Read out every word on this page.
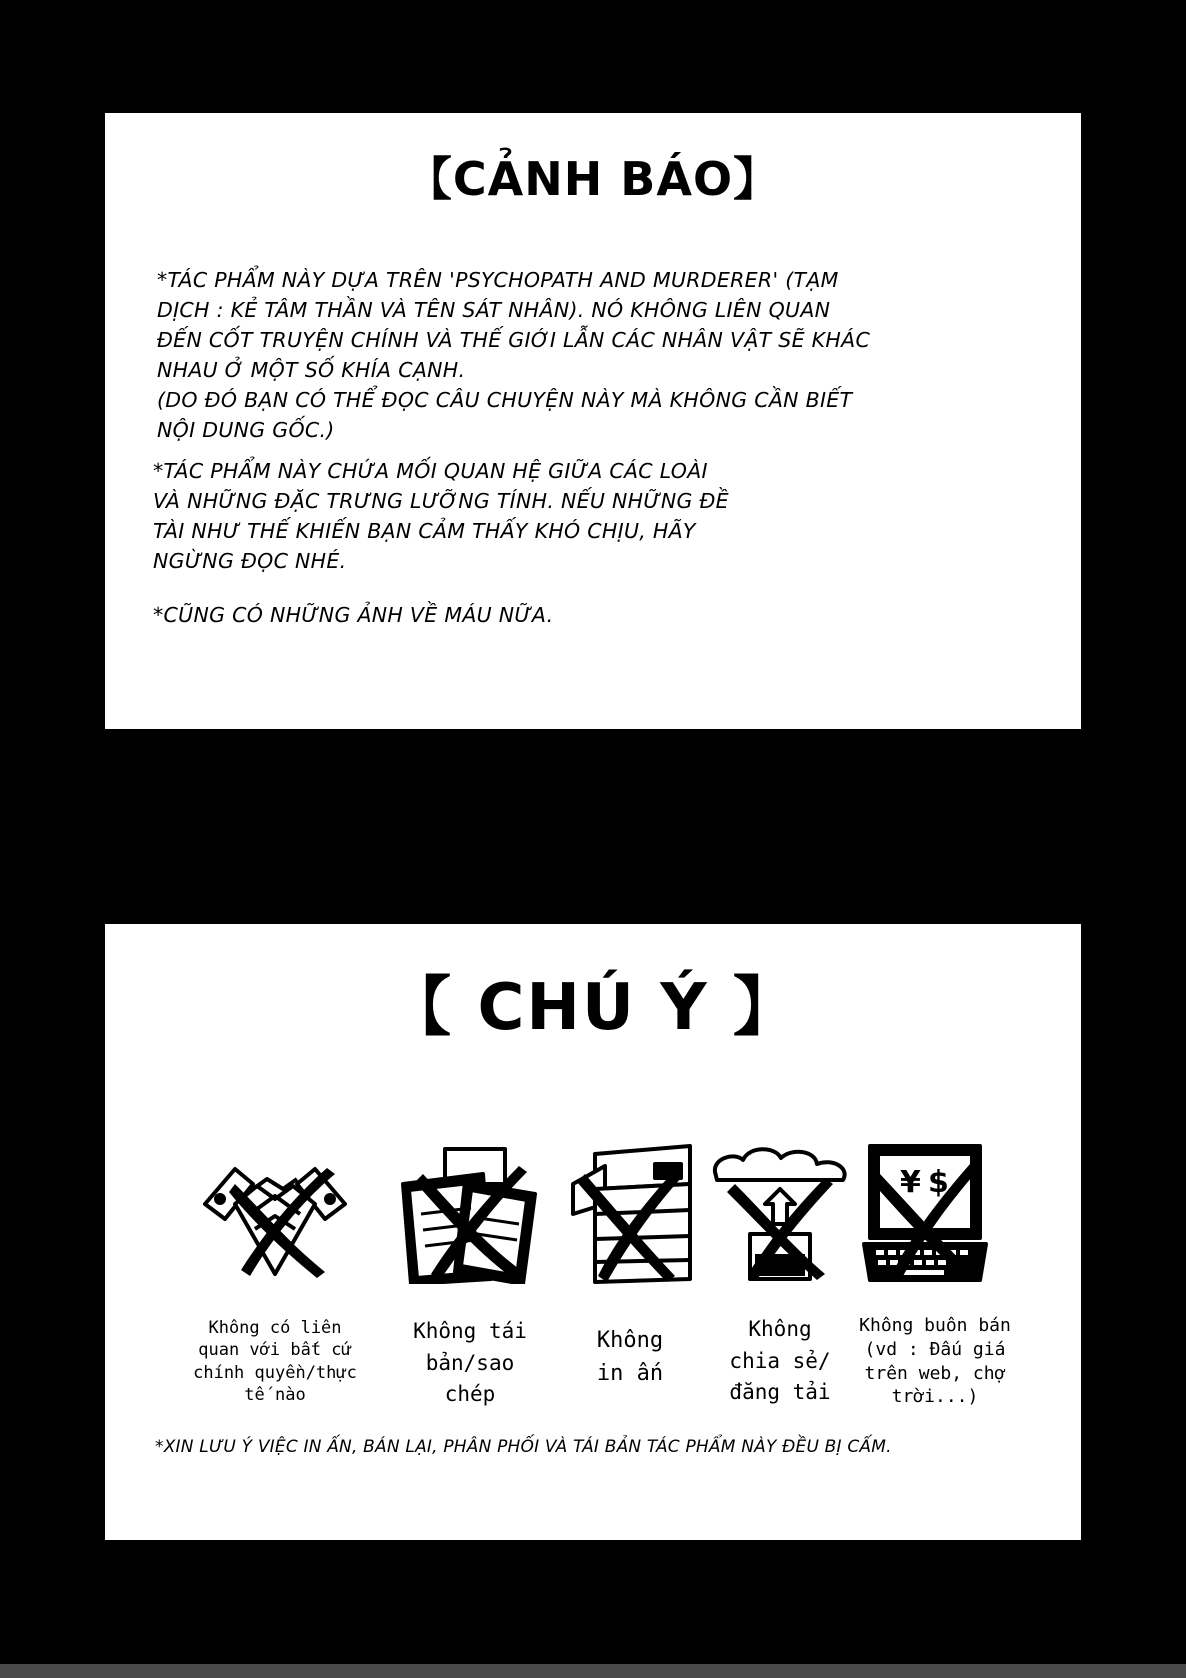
【CẢNH BÁO】

*TÁC PHẨM NÀY DỰA TRÊN 'PSYCHOPATH AND MURDERER' (TẠM
DỊCH : KẺ TÂM THẦN VÀ TÊN SÁT NHÂN). NÓ KHÔNG LIÊN QUAN
ĐẾN CỐT TRUYỆN CHÍNH VÀ THẾ GIỚI LẪN CÁC NHÂN VẬT SẼ KHÁC
NHAU Ở MỘT SỐ KHÍA CẠNH.
(DO ĐÓ BẠN CÓ THỂ ĐỌC CÂU CHUYỆN NÀY MÀ KHÔNG CẦN BIẾT
NỘI DUNG GỐC.)

*TÁC PHẨM NÀY CHỨA MỐI QUAN HỆ GIỮA CÁC LOÀI
VÀ NHỮNG ĐẶC TRƯNG LƯỠNG TÍNH. NẾU NHỮNG ĐỀ
TÀI NHƯ THẾ KHIẾN BẠN CẢM THẤY KHÓ CHỊU, HÃY
NGỪNG ĐỌC NHÉ.

*CŨNG CÓ NHỮNG ẢNH VỀ MÁU NỮA.

【 CHÚ Ý 】
¥ $
Không có liên
quan với bất cứ
chính quyền/thực
tế nào
Không tái
bản/sao
chép
Không
in ấn
Không
chia sẻ/
đăng tải
Không buôn bán
(vd : Đấu giá
trên web, chợ
trời...)
*XIN LƯU Ý VIỆC IN ẤN, BÁN LẠI, PHÂN PHỐI VÀ TÁI BẢN TÁC PHẨM NÀY ĐỀU BỊ CẤM.
